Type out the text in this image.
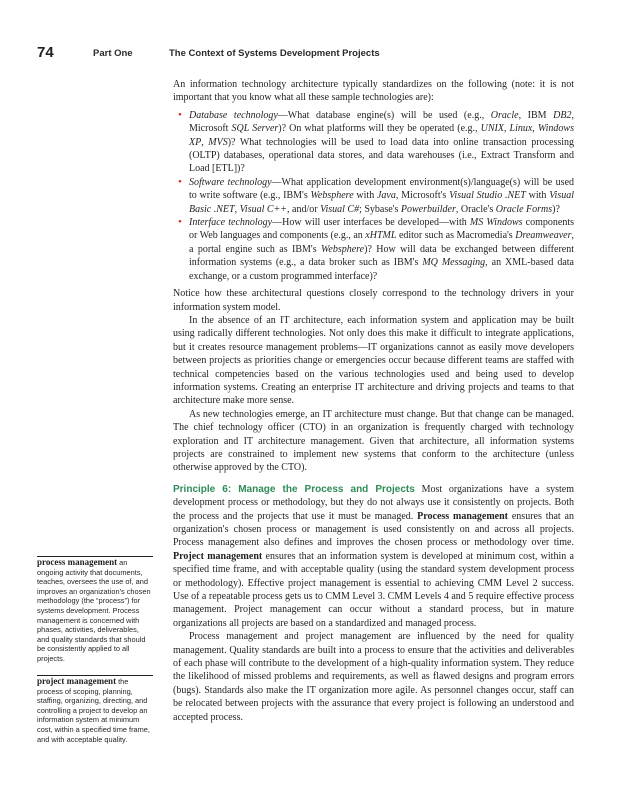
74	Part One	The Context of Systems Development Projects

An information technology architecture typically standardizes on the following (note: it is not important that you know what all these sample technologies are):

• Database technology—What database engine(s) will be used (e.g., Oracle, IBM DB2, Microsoft SQL Server)? On what platforms will they be operated (e.g., UNIX, Linux, Windows XP, MVS)? What technologies will be used to load data into online transaction processing (OLTP) databases, operational data stores, and data warehouses (i.e., Extract Transform and Load [ETL])?
• Software technology—What application development environment(s)/language(s) will be used to write software (e.g., IBM's Websphere with Java, Microsoft's Visual Studio .NET with Visual Basic .NET, Visual C++, and/or Visual C#; Sybase's Powerbuilder, Oracle's Oracle Forms)?
• Interface technology—How will user interfaces be developed—with MS Windows components or Web languages and components (e.g., an xHTML editor such as Macromedia's Dreamweaver, a portal engine such as IBM's Websphere)? How will data be exchanged between different information systems (e.g., a data broker such as IBM's MQ Messaging, an XML-based data exchange, or a custom programmed interface)?

Notice how these architectural questions closely correspond to the technology drivers in your information system model.

In the absence of an IT architecture, each information system and application may be built using radically different technologies. Not only does this make it difficult to integrate applications, but it creates resource management problems—IT organizations cannot as easily move developers between projects as priorities change or emergencies occur because different teams are staffed with technical competencies based on the various technologies used and being used to develop information systems. Creating an enterprise IT architecture and driving projects and teams to that architecture make more sense.

As new technologies emerge, an IT architecture must change. But that change can be managed. The chief technology officer (CTO) in an organization is frequently charged with technology exploration and IT architecture management. Given that architecture, all information systems projects are constrained to implement new systems that conform to the architecture (unless otherwise approved by the CTO).

Principle 6: Manage the Process and Projects Most organizations have a system development process or methodology, but they do not always use it consistently on projects. Both the process and the projects that use it must be managed. Process management ensures that an organization's chosen process or management is used consistently on and across all projects. Process management also defines and improves the chosen process or methodology over time. Project management ensures that an information system is developed at minimum cost, within a specified time frame, and with acceptable quality (using the standard system development process or methodology). Effective project management is essential to achieving CMM Level 2 success. Use of a repeatable process gets us to CMM Level 3. CMM Levels 4 and 5 require effective process management. Project management can occur without a standard process, but in mature organizations all projects are based on a standardized and managed process.

Process management and project management are influenced by the need for quality management. Quality standards are built into a process to ensure that the activities and deliverables of each phase will contribute to the development of a high-quality information system. They reduce the likelihood of missed problems and requirements, as well as flawed designs and program errors (bugs). Standards also make the IT organization more agile. As personnel changes occur, staff can be relocated between projects with the assurance that every project is following an understood and accepted process.

process management an ongoing activity that documents, teaches, oversees the use of, and improves an organization's chosen methodology (the “process”) for systems development. Process management is concerned with phases, activities, deliverables, and quality standards that should be consistently applied to all projects.
project management the process of scoping, planning, staffing, organizing, directing, and controlling a project to develop an information system at minimum cost, within a specified time frame, and with acceptable quality.
